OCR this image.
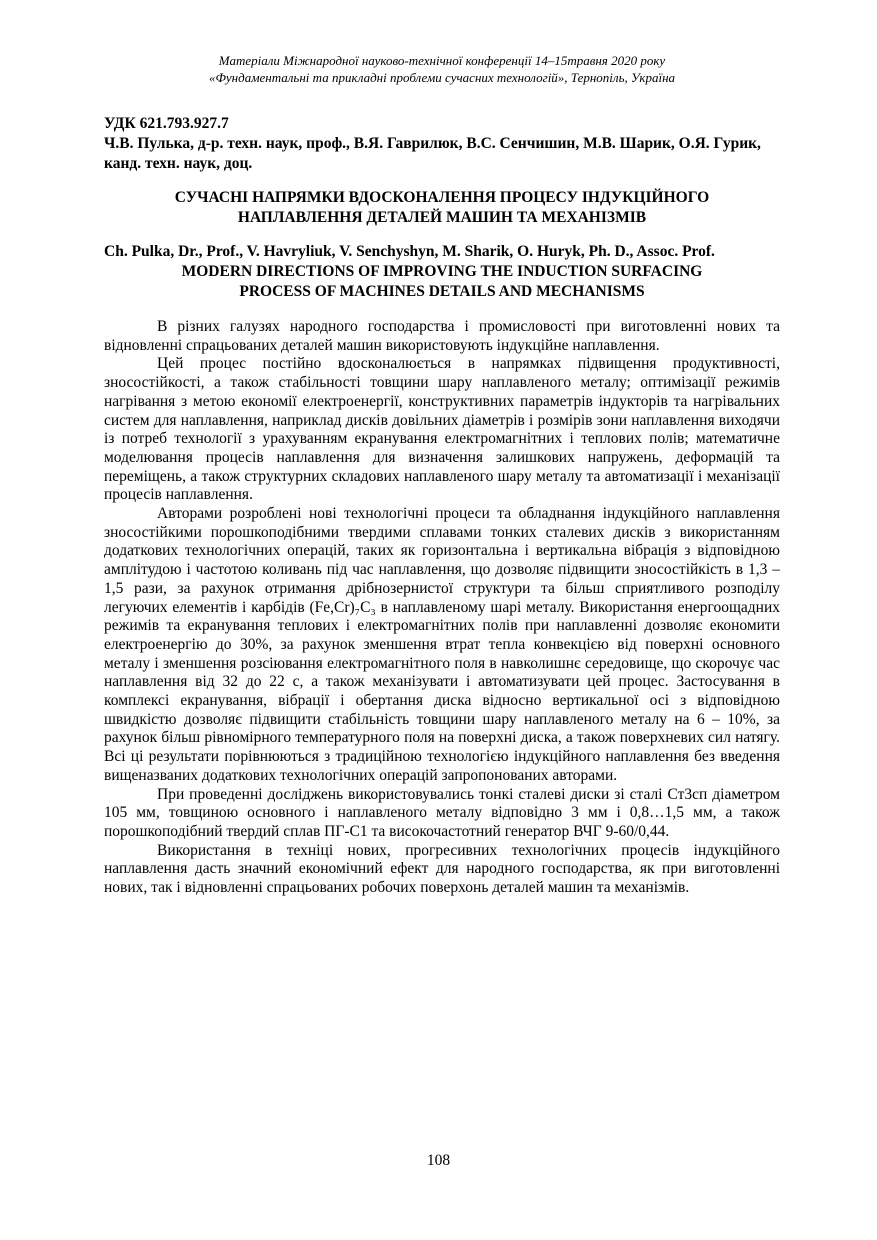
Матеріали Міжнародної науково-технічної конференції 14–15травня 2020 року
«Фундаментальні та прикладні проблеми сучасних технологій», Тернопіль, Україна
УДК 621.793.927.7
Ч.В. Пулька, д-р. техн. наук, проф., В.Я. Гаврилюк, В.С. Сенчишин, М.В. Шарик, О.Я. Гурик, канд. техн. наук, доц.
СУЧАСНІ НАПРЯМКИ ВДОСКОНАЛЕННЯ ПРОЦЕСУ ІНДУКЦІЙНОГО
НАПЛАВЛЕННЯ ДЕТАЛЕЙ МАШИН ТА МЕХАНІЗМІВ
Ch. Pulka, Dr., Prof., V. Havryliuk, V. Senchyshyn, M. Sharik, O. Huryk, Ph. D., Assoc. Prof.
MODERN DIRECTIONS OF IMPROVING THE INDUCTION SURFACING
PROCESS OF MACHINES DETAILS AND MECHANISMS

В різних галузях народного господарства і промисловості при виготовленні нових та відновленні спрацьованих деталей машин використовують індукційне наплавлення.

Цей процес постійно вдосконалюється в напрямках підвищення продуктивності, зносостійкості, а також стабільності товщини шару наплавленого металу; оптимізації режимів нагрівання з метою економії електроенергії, конструктивних параметрів індукторів та нагрівальних систем для наплавлення, наприклад дисків довільних діаметрів і розмірів зони наплавлення виходячи із потреб технології з урахуванням екранування електромагнітних і теплових полів; математичне моделювання процесів наплавлення для визначення залишкових напружень, деформацій та переміщень, а також структурних складових наплавленого шару металу та автоматизації і механізації процесів наплавлення.

Авторами розроблені нові технологічні процеси та обладнання індукційного наплавлення зносостійкими порошкоподібними твердими сплавами тонких сталевих дисків з використанням додаткових технологічних операцій, таких як горизонтальна і вертикальна вібрація з відповідною амплітудою і частотою коливань під час наплавлення, що дозволяє підвищити зносостійкість в 1,3 – 1,5 рази, за рахунок отримання дрібнозернистої структури та більш сприятливого розподілу легуючих елементів і карбідів (Fe,Cr)₇C₃ в наплавленому шарі металу. Використання енергоощадних режимів та екранування теплових і електромагнітних полів при наплавленні дозволяє економити електроенергію до 30%, за рахунок зменшення втрат тепла конвекцією від поверхні основного металу і зменшення розсіювання електромагнітного поля в навколишнє середовище, що скорочує час наплавлення від 32 до 22 с, а також механізувати і автоматизувати цей процес. Застосування в комплексі екранування, вібрації і обертання диска відносно вертикальної осі з відповідною швидкістю дозволяє підвищити стабільність товщини шару наплавленого металу на 6 – 10%, за рахунок більш рівномірного температурного поля на поверхні диска, а також поверхневих сил натягу. Всі ці результати порівнюються з традиційною технологією індукційного наплавлення без введення вищеназваних додаткових технологічних операцій запропонованих авторами.

При проведенні досліджень використовувались тонкі сталеві диски зі сталі Ст3сп діаметром 105 мм, товщиною основного і наплавленого металу відповідно 3 мм і 0,8…1,5 мм, а також порошкоподібний твердий сплав ПГ-С1 та високочастотний генератор ВЧГ 9-60/0,44.

Використання в техніці нових, прогресивних технологічних процесів індукційного наплавлення дасть значний економічний ефект для народного господарства, як при виготовленні нових, так і відновленні спрацьованих робочих поверхонь деталей машин та механізмів.

108
